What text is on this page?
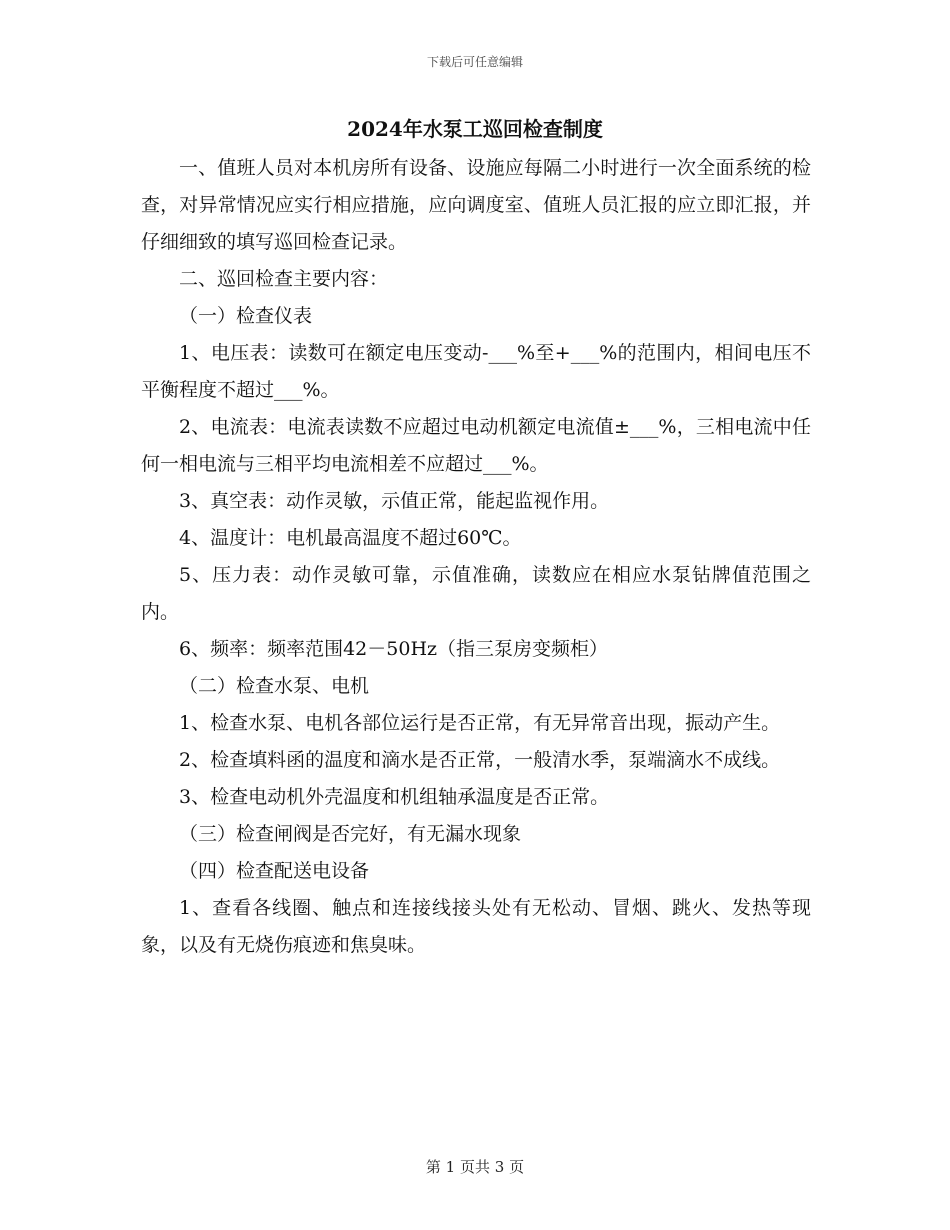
下载后可任意编辑
2024年水泵工巡回检查制度

一、值班人员对本机房所有设备、设施应每隔二小时进行一次全面系统的检查，对异常情况应实行相应措施，应向调度室、值班人员汇报的应立即汇报，并仔细细致的填写巡回检查记录。

二、巡回检查主要内容：

（一）检查仪表

1、电压表：读数可在额定电压变动-___%至+___%的范围内，相间电压不平衡程度不超过___%。

2、电流表：电流表读数不应超过电动机额定电流值±___%，三相电流中任何一相电流与三相平均电流相差不应超过___%。

3、真空表：动作灵敏，示值正常，能起监视作用。

4、温度计：电机最高温度不超过60℃。

5、压力表：动作灵敏可靠，示值准确，读数应在相应水泵钻牌值范围之内。

6、频率：频率范围42－50Hz（指三泵房变频柜）

（二）检查水泵、电机

1、检查水泵、电机各部位运行是否正常，有无异常音出现，振动产生。

2、检查填料函的温度和滴水是否正常，一般清水季，泵端滴水不成线。

3、检查电动机外壳温度和机组轴承温度是否正常。

（三）检查闸阀是否完好，有无漏水现象

（四）检查配送电设备

1、查看各线圈、触点和连接线接头处有无松动、冒烟、跳火、发热等现象，以及有无烧伤痕迹和焦臭味。

第 1 页共 3 页
